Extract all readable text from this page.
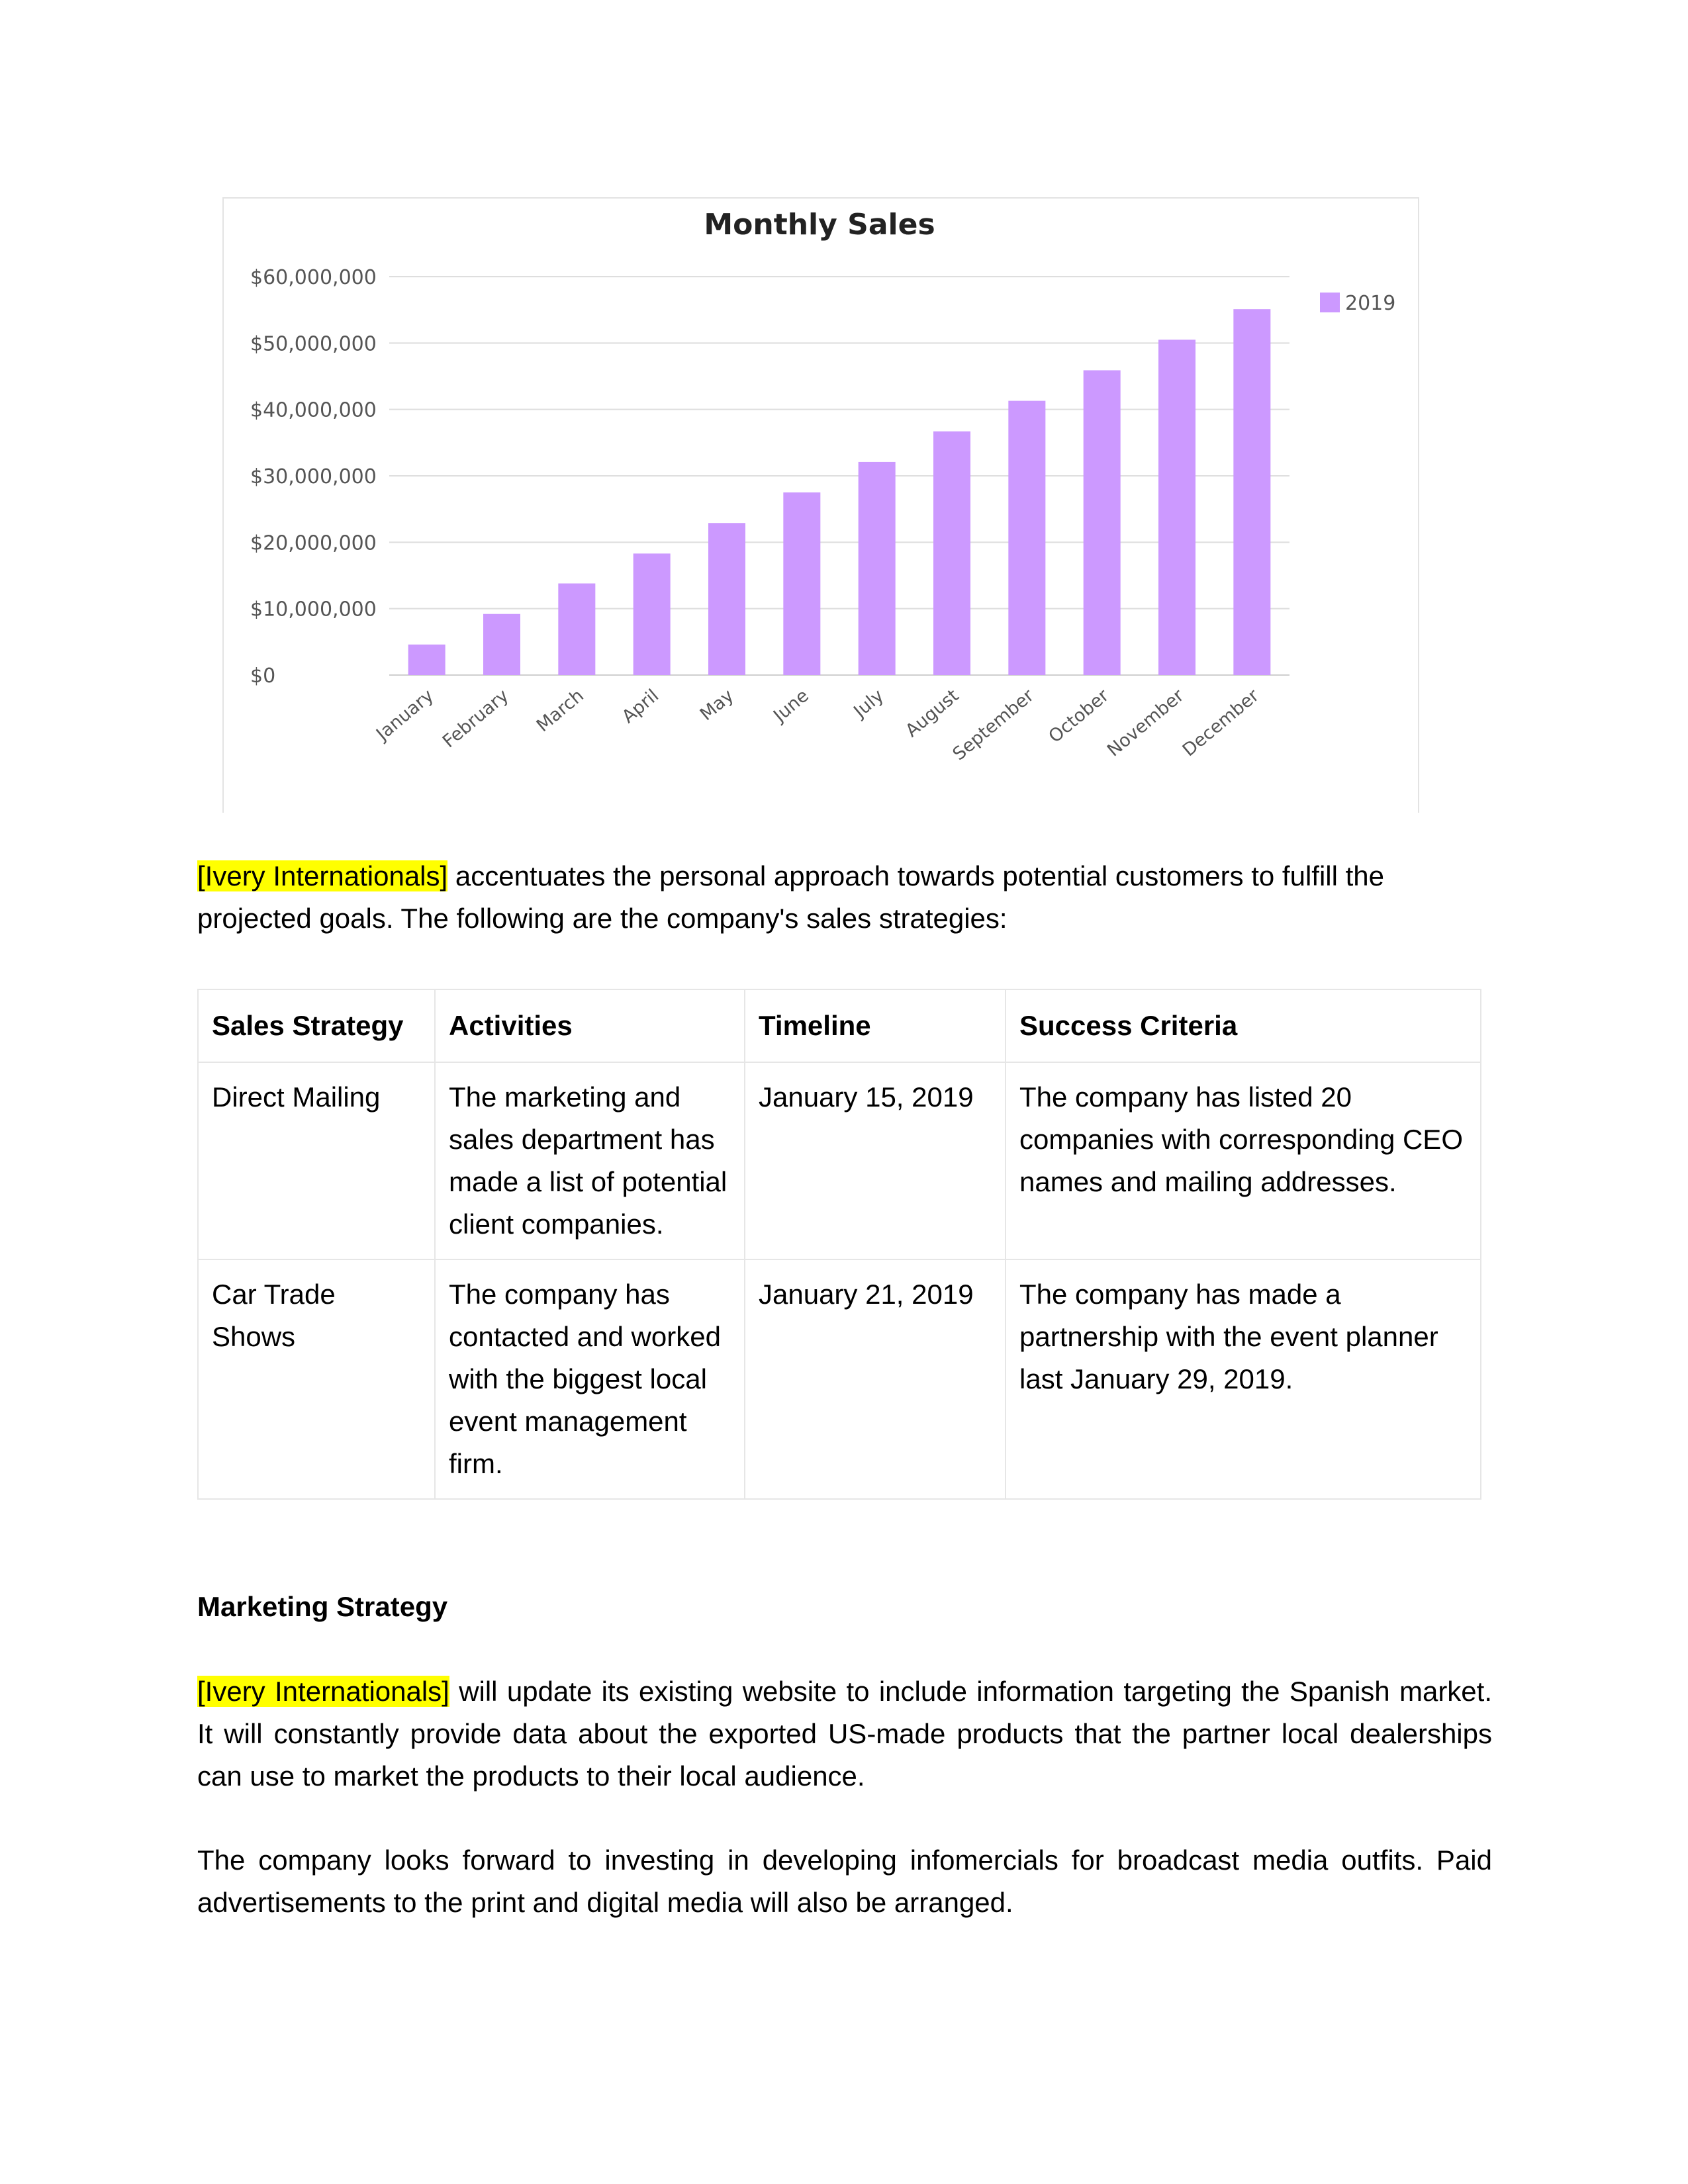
$0
$10,000,000
$20,000,000
$30,000,000
$40,000,000
$50,000,000
$60,000,000
January February March April May June July August
September October
November
December
Monthly Sales
2019

[Ivery Internationals] accentuates the personal approach towards potential customers to fulfill the projected goals. The following are the company's sales strategies:

Sales Strategy	Activities	Timeline	Success Criteria
Direct Mailing	The marketing and sales department has made a list of potential client companies.	January 15, 2019	The company has listed 20 companies with corresponding CEO names and mailing addresses.
Car Trade Shows	The company has contacted and worked with the biggest local event management firm.	January 21, 2019	The company has made a partnership with the event planner last January 29, 2019.
Marketing Strategy

[Ivery Internationals] will update its existing website to include information targeting the Spanish market. It will constantly provide data about the exported US-made products that the partner local dealerships can use to market the products to their local audience.

The company looks forward to investing in developing infomercials for broadcast media outfits. Paid advertisements to the print and digital media will also be arranged.
